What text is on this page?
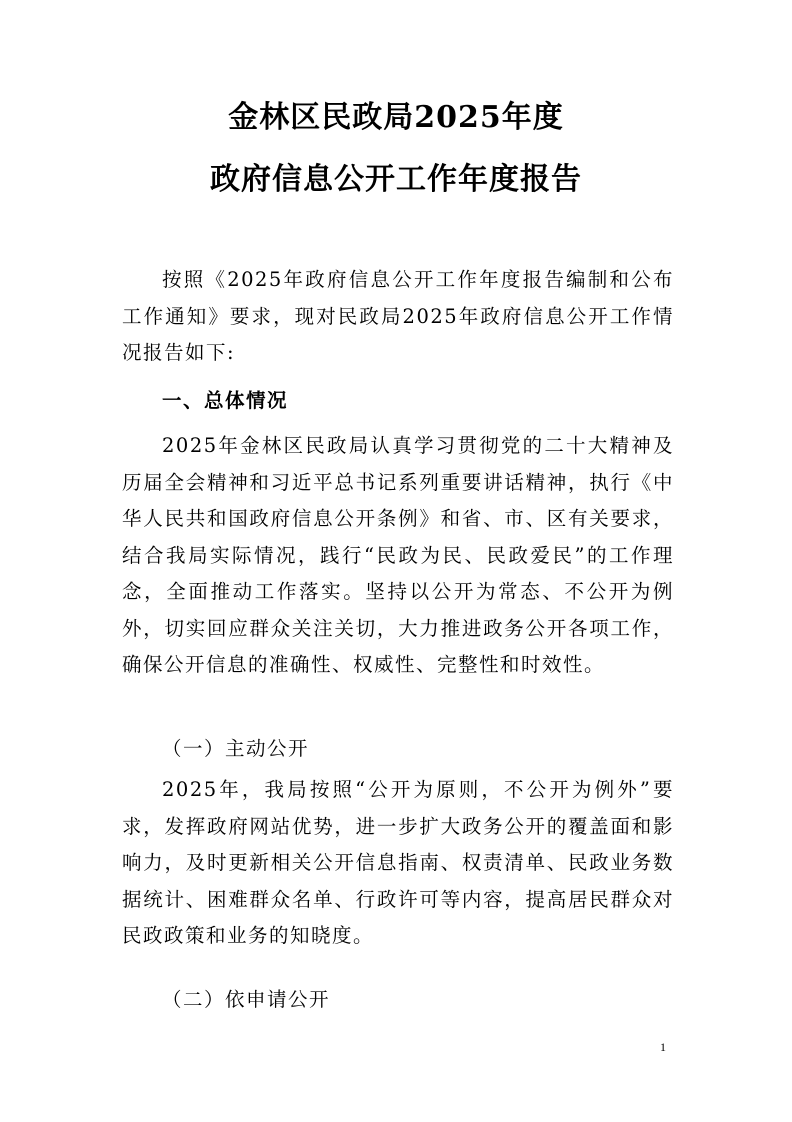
金林区民政局2025年度
政府信息公开工作年度报告

按照《2025年政府信息公开工作年度报告编制和公布工作通知》要求，现对民政局2025年政府信息公开工作情况报告如下:

一、总体情况

2025年金林区民政局认真学习贯彻党的二十大精神及历届全会精神和习近平总书记系列重要讲话精神，执行《中华人民共和国政府信息公开条例》和省、市、区有关要求，结合我局实际情况，践行“民政为民、民政爱民”的工作理念，全面推动工作落实。坚持以公开为常态、不公开为例外，切实回应群众关注关切，大力推进政务公开各项工作，确保公开信息的准确性、权威性、完整性和时效性。

（一）主动公开

2025年，我局按照“公开为原则，不公开为例外”要求，发挥政府网站优势，进一步扩大政务公开的覆盖面和影响力，及时更新相关公开信息指南、权责清单、民政业务数据统计、困难群众名单、行政许可等内容，提高居民群众对民政政策和业务的知晓度。

（二）依申请公开
1
